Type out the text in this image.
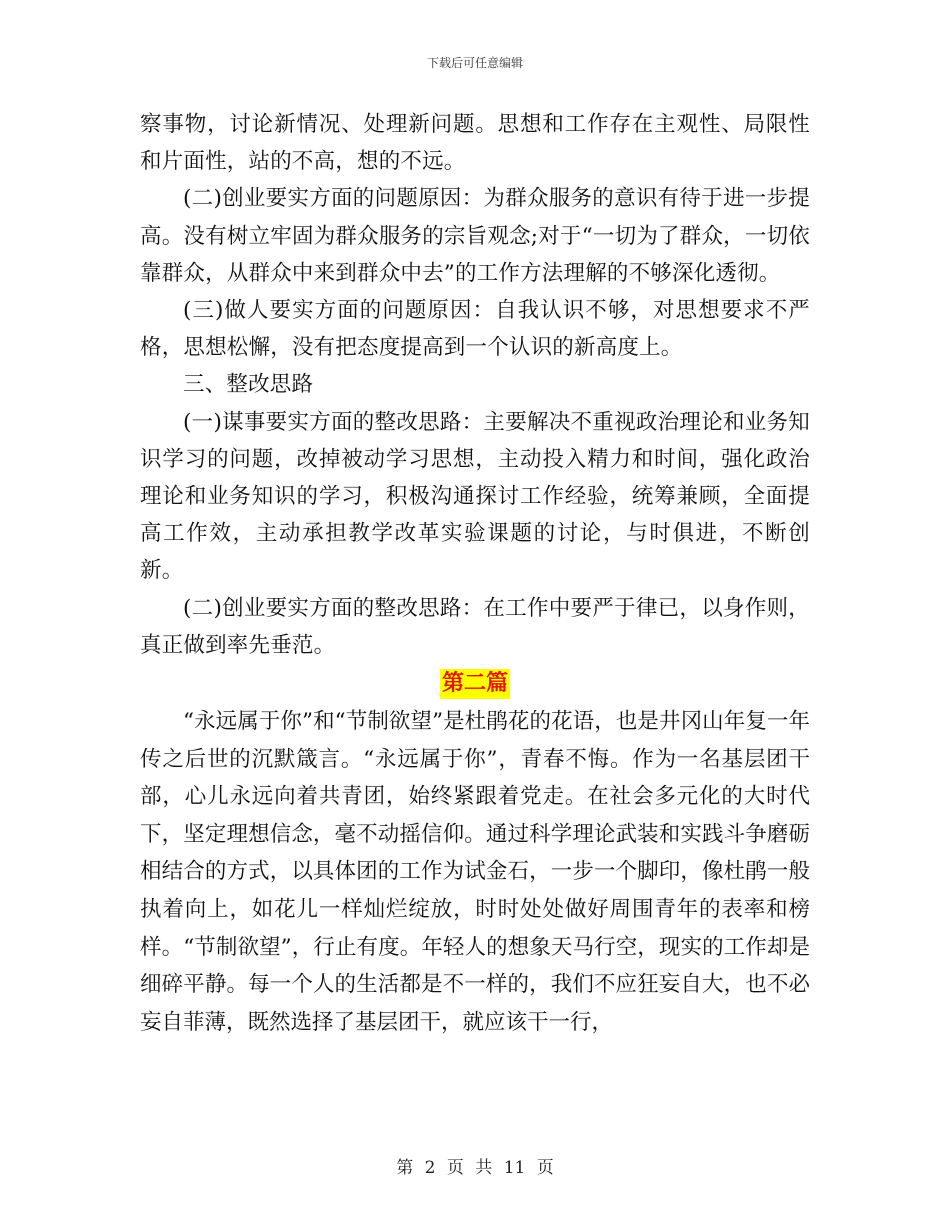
下载后可任意编辑

察事物，讨论新情况、处理新问题。思想和工作存在主观性、局限性和片面性，站的不高，想的不远。

(二)创业要实方面的问题原因：为群众服务的意识有待于进一步提高。没有树立牢固为群众服务的宗旨观念;对于“一切为了群众，一切依靠群众，从群众中来到群众中去”的工作方法理解的不够深化透彻。

(三)做人要实方面的问题原因：自我认识不够，对思想要求不严格，思想松懈，没有把态度提高到一个认识的新高度上。

三、整改思路

(一)谋事要实方面的整改思路：主要解决不重视政治理论和业务知识学习的问题，改掉被动学习思想，主动投入精力和时间，强化政治理论和业务知识的学习，积极沟通探讨工作经验，统筹兼顾，全面提高工作效，主动承担教学改革实验课题的讨论，与时俱进，不断创新。

(二)创业要实方面的整改思路：在工作中要严于律已，以身作则，真正做到率先垂范。

第二篇

“永远属于你”和“节制欲望”是杜鹃花的花语，也是井冈山年复一年传之后世的沉默箴言。“永远属于你”，青春不悔。作为一名基层团干部，心儿永远向着共青团，始终紧跟着党走。在社会多元化的大时代下，坚定理想信念，毫不动摇信仰。通过科学理论武装和实践斗争磨砺相结合的方式，以具体团的工作为试金石，一步一个脚印，像杜鹃一般执着向上，如花儿一样灿烂绽放，时时处处做好周围青年的表率和榜样。“节制欲望”，行止有度。年轻人的想象天马行空，现实的工作却是细碎平静。每一个人的生活都是不一样的，我们不应狂妄自大，也不必妄自菲薄，既然选择了基层团干，就应该干一行，

第 2 页 共 11 页
